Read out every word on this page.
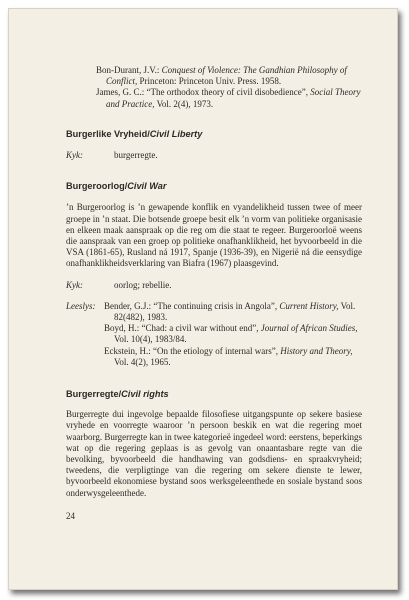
Bon-Durant, J.V.: Conquest of Violence: The Gandhian Philosophy of Conflict, Princeton: Princeton Univ. Press. 1958.
James, G. C.: “The orthodox theory of civil disobedience”, Social Theory and Practice, Vol. 2(4), 1973.

Burgerlike Vryheid/Civil Liberty

Kyk:	burgerregte.

Burgeroorlog/Civil War

’n Burgeroorlog is ’n gewapende konflik en vyandelikheid tussen twee of meer groepe in ’n staat. Die botsende groepe besit elk ’n vorm van politieke organisasie en elkeen maak aanspraak op die reg om die staat te regeer. Burgeroorloë weens die aanspraak van een groep op politieke onafhanklikheid, het byvoorbeeld in die VSA (1861-65), Rusland ná 1917, Spanje (1936-39), en Nigerië ná die eensydige onafhanklikheidsverklaring van Biafra (1967) plaasgevind.
Kyk:	oorlog; rebellie.
Leeslys: Bender, G.J.: “The continuing crisis in Angola”, Current History, Vol. 82(482), 1983.
Boyd, H.: “Chad: a civil war without end”, Journal of African Studies, Vol. 10(4), 1983/84.
Eckstein, H.: “On the etiology of internal wars”, History and Theory, Vol. 4(2), 1965.

Burgerregte/Civil rights

Burgerregte dui ingevolge bepaalde filosofiese uitgangspunte op sekere basiese vryhede en voorregte waaroor ’n persoon beskik en wat die regering moet waarborg. Burgerregte kan in twee kategorieë ingedeel word: eerstens, beperkings wat op die regering geplaas is as gevolg van onaantasbare regte van die bevolking, byvoorbeeld die handhawing van godsdiens- en spraakvryheid; tweedens, die verpligtinge van die regering om sekere dienste te lewer, byvoorbeeld ekonomiese bystand soos werksgeleenthede en sosiale bystand soos onderwysgeleenthede.
24
